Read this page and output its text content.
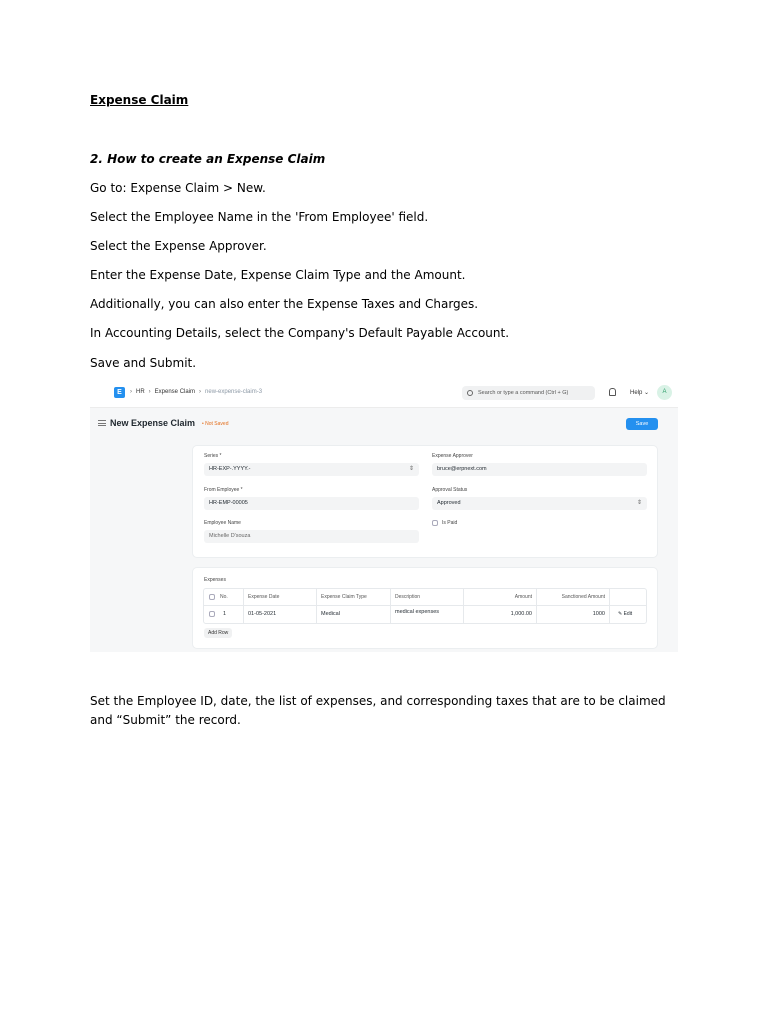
Expense Claim
2. How to create an Expense Claim
Go to: Expense Claim > New.
Select the Employee Name in the 'From Employee' field.
Select the Expense Approver.
Enter the Expense Date, Expense Claim Type and the Amount.
Additionally, you can also enter the Expense Taxes and Charges.
In Accounting Details, select the Company's Default Payable Account.
Save and Submit.
Set the Employee ID, date, the list of expenses, and corresponding taxes that are to be claimed and “Submit” the record.
E	› HR › Expense Claim › new-expense-claim-3	Search or type a command (Ctrl + G)	Help ⌄	A
New Expense Claim • Not Saved	Save
Series *
HR-EXP-.YYYY.-	⇕
Expense Approver
bruce@erpnext.com
From Employee *
HR-EMP-00005
Approval Status
Approved	⇕
Employee Name
Michelle D'souza
Is Paid
Expenses
No.	Expense Date	Expense Claim Type	Description	Amount	Sanctioned Amount
1	01-05-2021	Medical	medical expenses	1,000.00	1000	✎ Edit
Add Row
